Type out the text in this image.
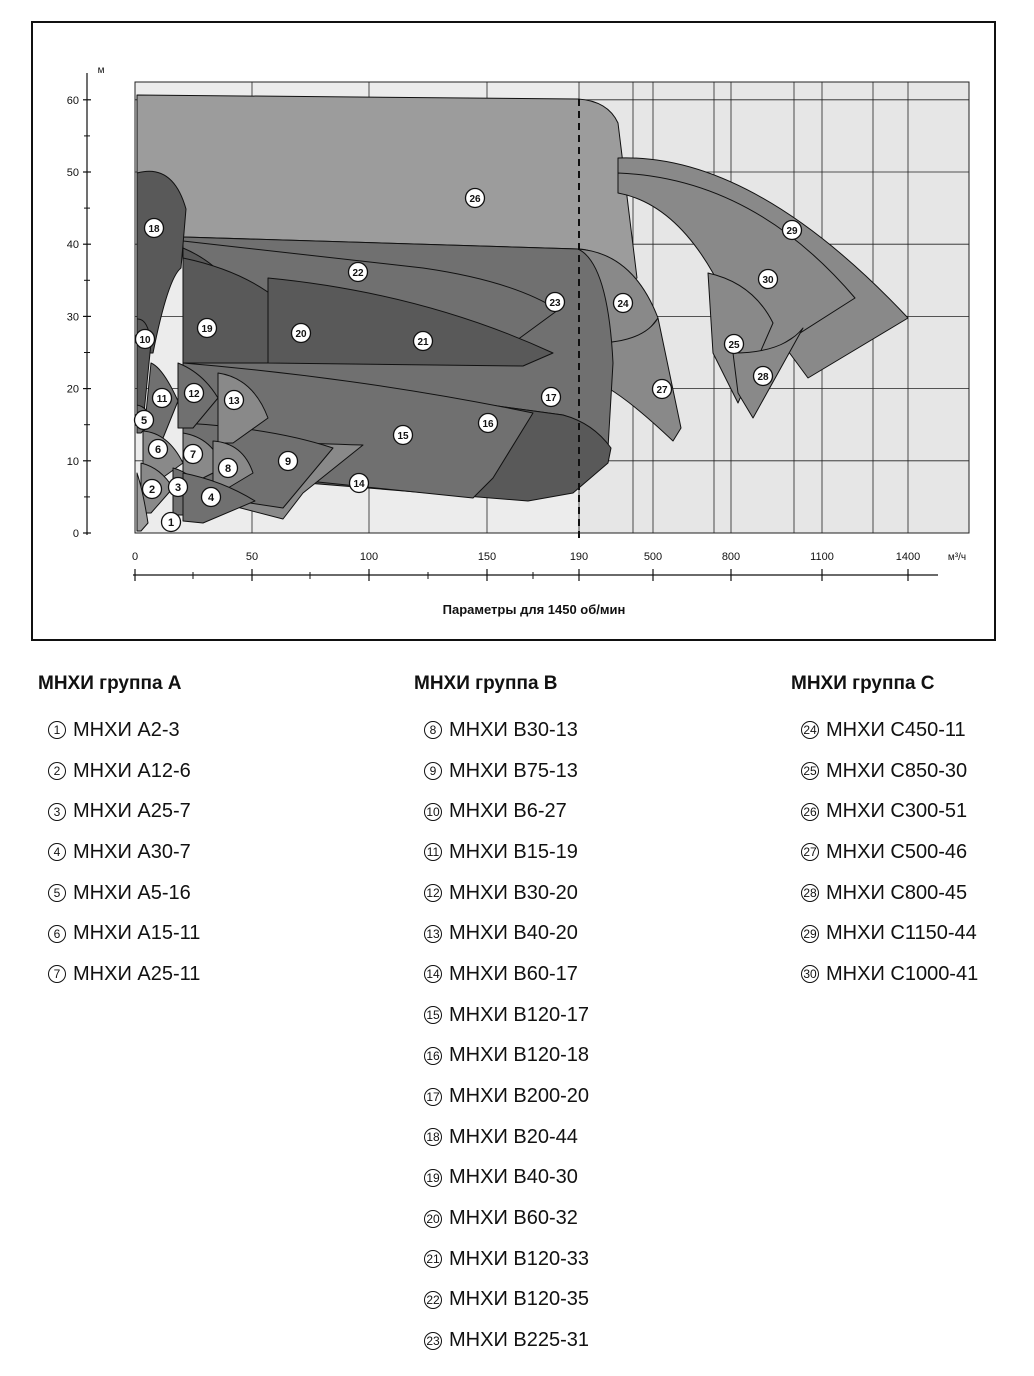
0
10
20
30
40
50
60
м
0	50	100	150	190	500	800	1100	1400	м³/ч
Параметры для 1450 об/мин
1
2 3
4
5
6	7
8
9
10
11 12
13
14
15
16
17
18
19	20
21
22
23	24
25
26
27
28
29
30
МНХИ группа A
1 МНХИ A2-3
2 МНХИ A12-6
3 МНХИ A25-7
4 МНХИ A30-7
5 МНХИ A5-16
6 МНХИ A15-11
7 МНХИ A25-11
МНХИ группа B
8 МНХИ B30-13
9 МНХИ B75-13
10 МНХИ B6-27
11 МНХИ B15-19
12 МНХИ B30-20
13 МНХИ B40-20
14 МНХИ B60-17
15 МНХИ B120-17
16 МНХИ B120-18
17 МНХИ B200-20
18 МНХИ B20-44
19 МНХИ B40-30
20 МНХИ B60-32
21 МНХИ B120-33
22 МНХИ B120-35
23 МНХИ B225-31
МНХИ группа C
24 МНХИ C450-11
25 МНХИ C850-30
26 МНХИ C300-51
27 МНХИ C500-46
28 МНХИ C800-45
29 МНХИ C1150-44
30 МНХИ C1000-41
